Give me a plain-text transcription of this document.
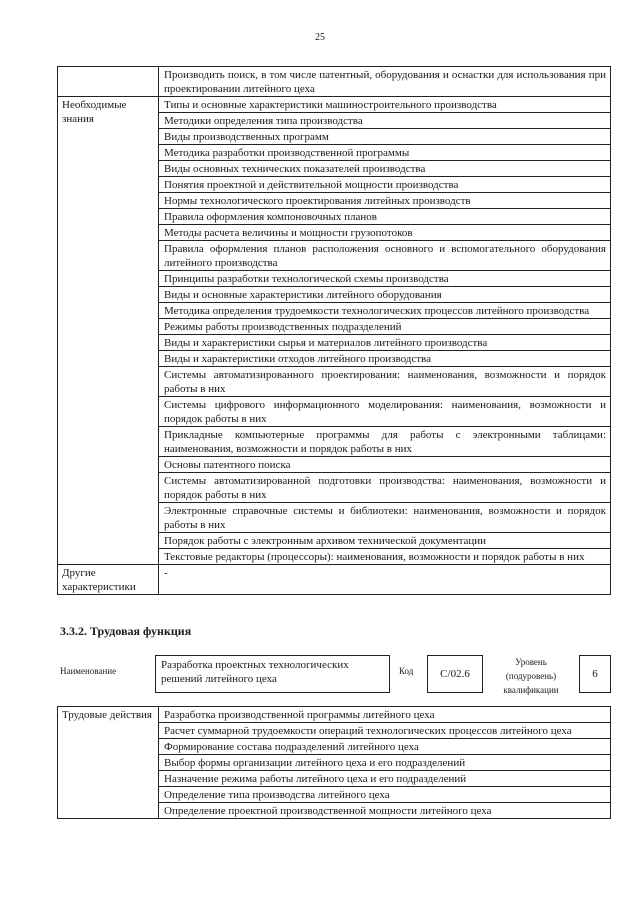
25
	Производить поиск, в том числе патентный, оборудования и оснастки для использования при проектировании литейного цеха
Необходимые знания	Типы и основные характеристики машиностроительного производства
	Методики определения типа производства
	Виды производственных программ
	Методика разработки производственной программы
	Виды основных технических показателей производства
	Понятия проектной и действительной мощности производства
	Нормы технологического проектирования литейных производств
	Правила оформления компоновочных планов
	Методы расчета величины и мощности грузопотоков
	Правила оформления планов расположения основного и вспомогательного оборудования литейного производства
	Принципы разработки технологической схемы производства
	Виды и основные характеристики литейного оборудования
	Методика определения трудоемкости технологических процессов литейного производства
	Режимы работы производственных подразделений
	Виды и характеристики сырья и материалов литейного производства
	Виды и характеристики отходов литейного производства
	Системы автоматизированного проектирования: наименования, возможности и порядок работы в них
	Системы цифрового информационного моделирования: наименования, возможности и порядок работы в них
	Прикладные компьютерные программы для работы с электронными таблицами: наименования, возможности и порядок работы в них
	Основы патентного поиска
	Системы автоматизированной подготовки производства: наименования, возможности и порядок работы в них
	Электронные справочные системы и библиотеки: наименования, возможности и порядок работы в них
	Порядок работы с электронным архивом технической документации
	Текстовые редакторы (процессоры): наименования, возможности и порядок работы в них
Другие характеристики	-
3.3.2. Трудовая функция
Наименование	Разработка проектных технологических решений литейного цеха
Код	C/02.6
Уровень (подуровень) квалификации
6
Трудовые действия	Разработка производственной программы литейного цеха
Расчет суммарной трудоемкости операций технологических процессов литейного цеха
Формирование состава подразделений литейного цеха
Выбор формы организации литейного цеха и его подразделений
Назначение режима работы литейного цеха и его подразделений
Определение типа производства литейного цеха
Определение проектной производственной мощности литейного цеха
